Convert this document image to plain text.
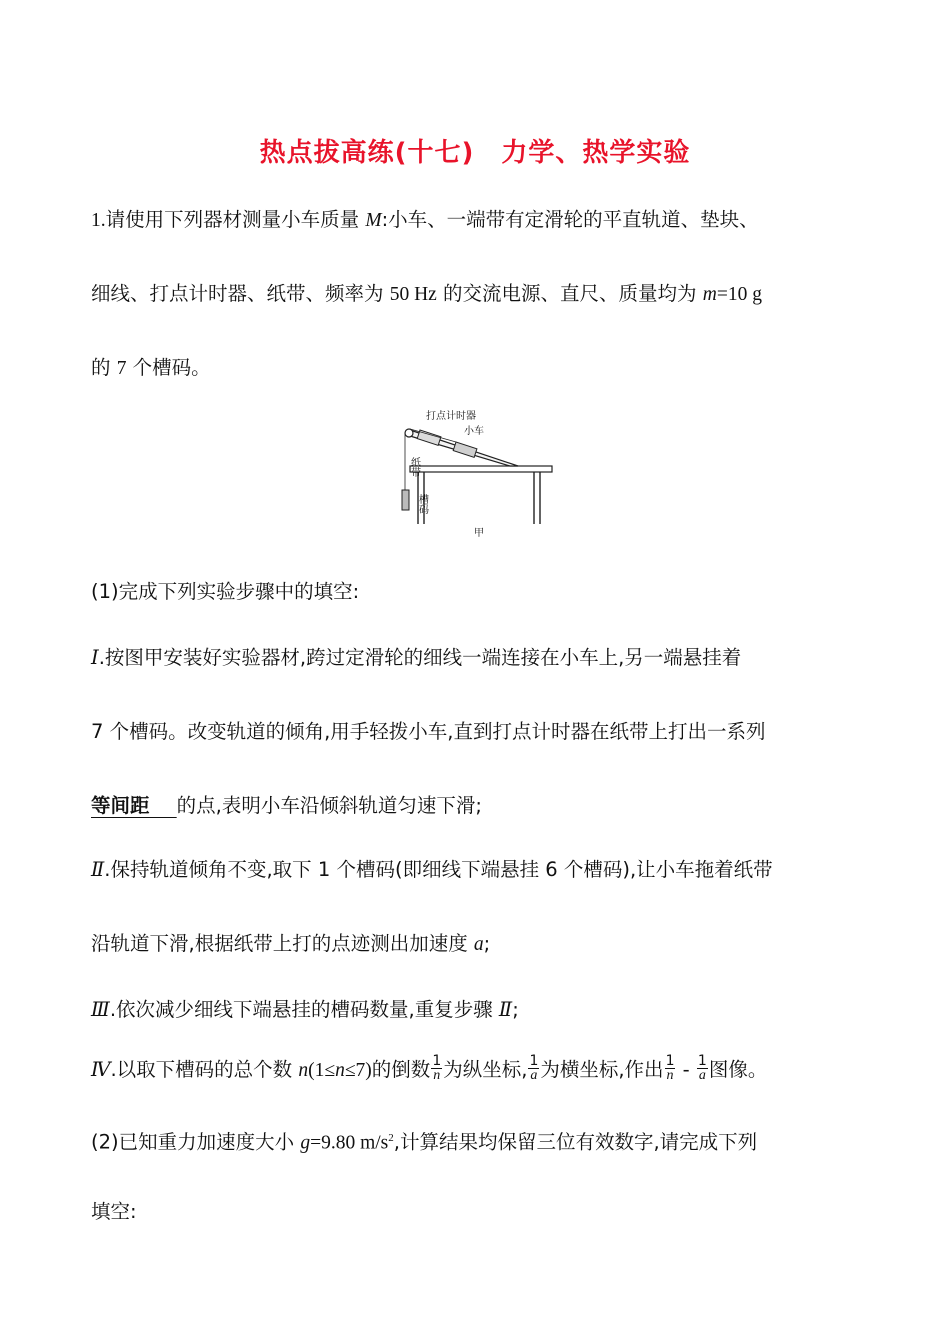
热点拔高练(十七)　力学、热学实验
1.请使用下列器材测量小车质量 M:小车、一端带有定滑轮的平直轨道、垫块、
细线、打点计时器、纸带、频率为 50 Hz 的交流电源、直尺、质量均为 m=10 g
的 7 个槽码。
打点计时器
小车
纸带
槽码
甲
(1)完成下列实验步骤中的填空:
Ⅰ.按图甲安装好实验器材,跨过定滑轮的细线一端连接在小车上,另一端悬挂着
7 个槽码。改变轨道的倾角,用手轻拨小车,直到打点计时器在纸带上打出一系列
等间距 的点,表明小车沿倾斜轨道匀速下滑;
Ⅱ.保持轨道倾角不变,取下 1 个槽码(即细线下端悬挂 6 个槽码),让小车拖着纸带
沿轨道下滑,根据纸带上打的点迹测出加速度 a;
Ⅲ.依次减少细线下端悬挂的槽码数量,重复步骤 Ⅱ;
Ⅳ.以取下槽码的总个数 n(1≤n≤7)的倒数 $\frac{1}{n}$ 为纵坐标, $\frac{1}{a}$ 为横坐标,作出 $\frac{1}{n} - \frac{1}{a}$ 图像。
(2)已知重力加速度大小 g=9.80 $m/s^2$,计算结果均保留三位有效数字,请完成下列
填空:
